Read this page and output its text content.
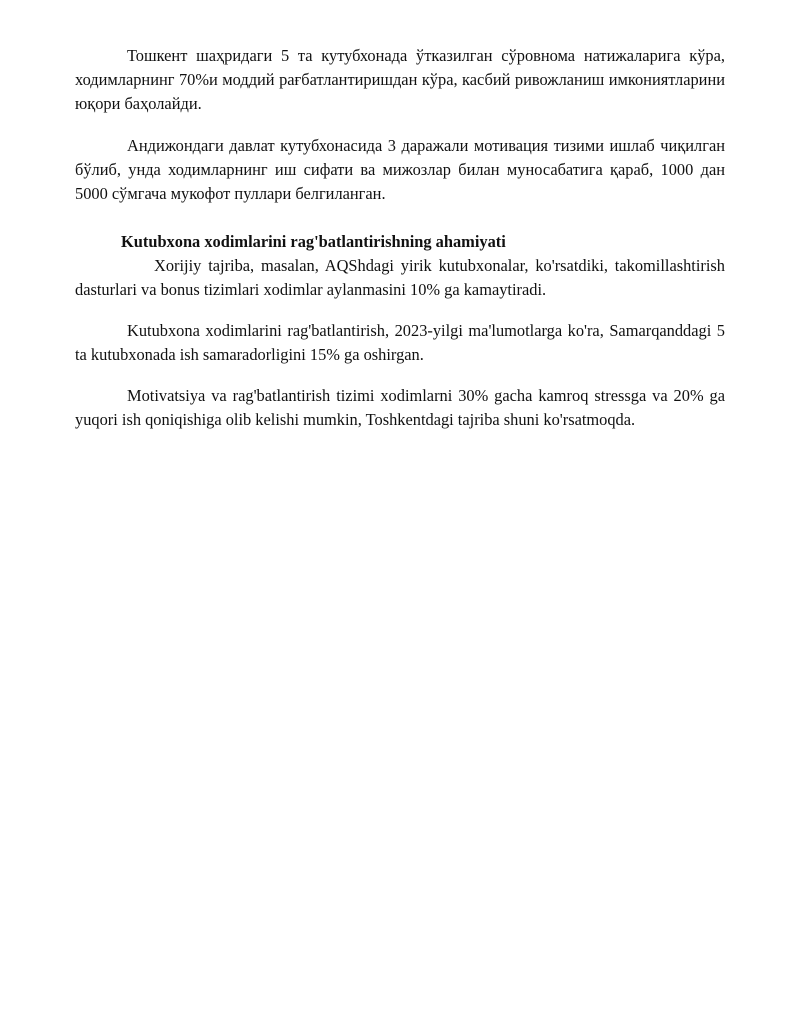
Тошкент шаҳридаги 5 та кутубхонада ўтказилган сўровнома натижаларига кўра, ходимларнинг 70%и моддий рағбатлантиришдан кўра, касбий ривожланиш имкониятларини юқори баҳолайди.

Андижондаги давлат кутубхонасида 3 даражали мотивация тизими ишлаб чиқилган бўлиб, унда ходимларнинг иш сифати ва мижозлар билан муносабатига қараб, 1000 дан 5000 сўмгача мукофот пуллари белгиланган.

Kutubxona xodimlarini rag'batlantirishning ahamiyati

Xorijiy tajriba, masalan, AQShdagi yirik kutubxonalar, ko'rsatdiki, takomillashtirish dasturlari va bonus tizimlari xodimlar aylanmasini 10% ga kamaytiradi.

Kutubxona xodimlarini rag'batlantirish, 2023-yilgi ma'lumotlarga ko'ra, Samarqanddagi 5 ta kutubxonada ish samaradorligini 15% ga oshirgan.

Motivatsiya va rag'batlantirish tizimi xodimlarni 30% gacha kamroq stressga va 20% ga yuqori ish qoniqishiga olib kelishi mumkin, Toshkentdagi tajriba shuni ko'rsatmoqda.
